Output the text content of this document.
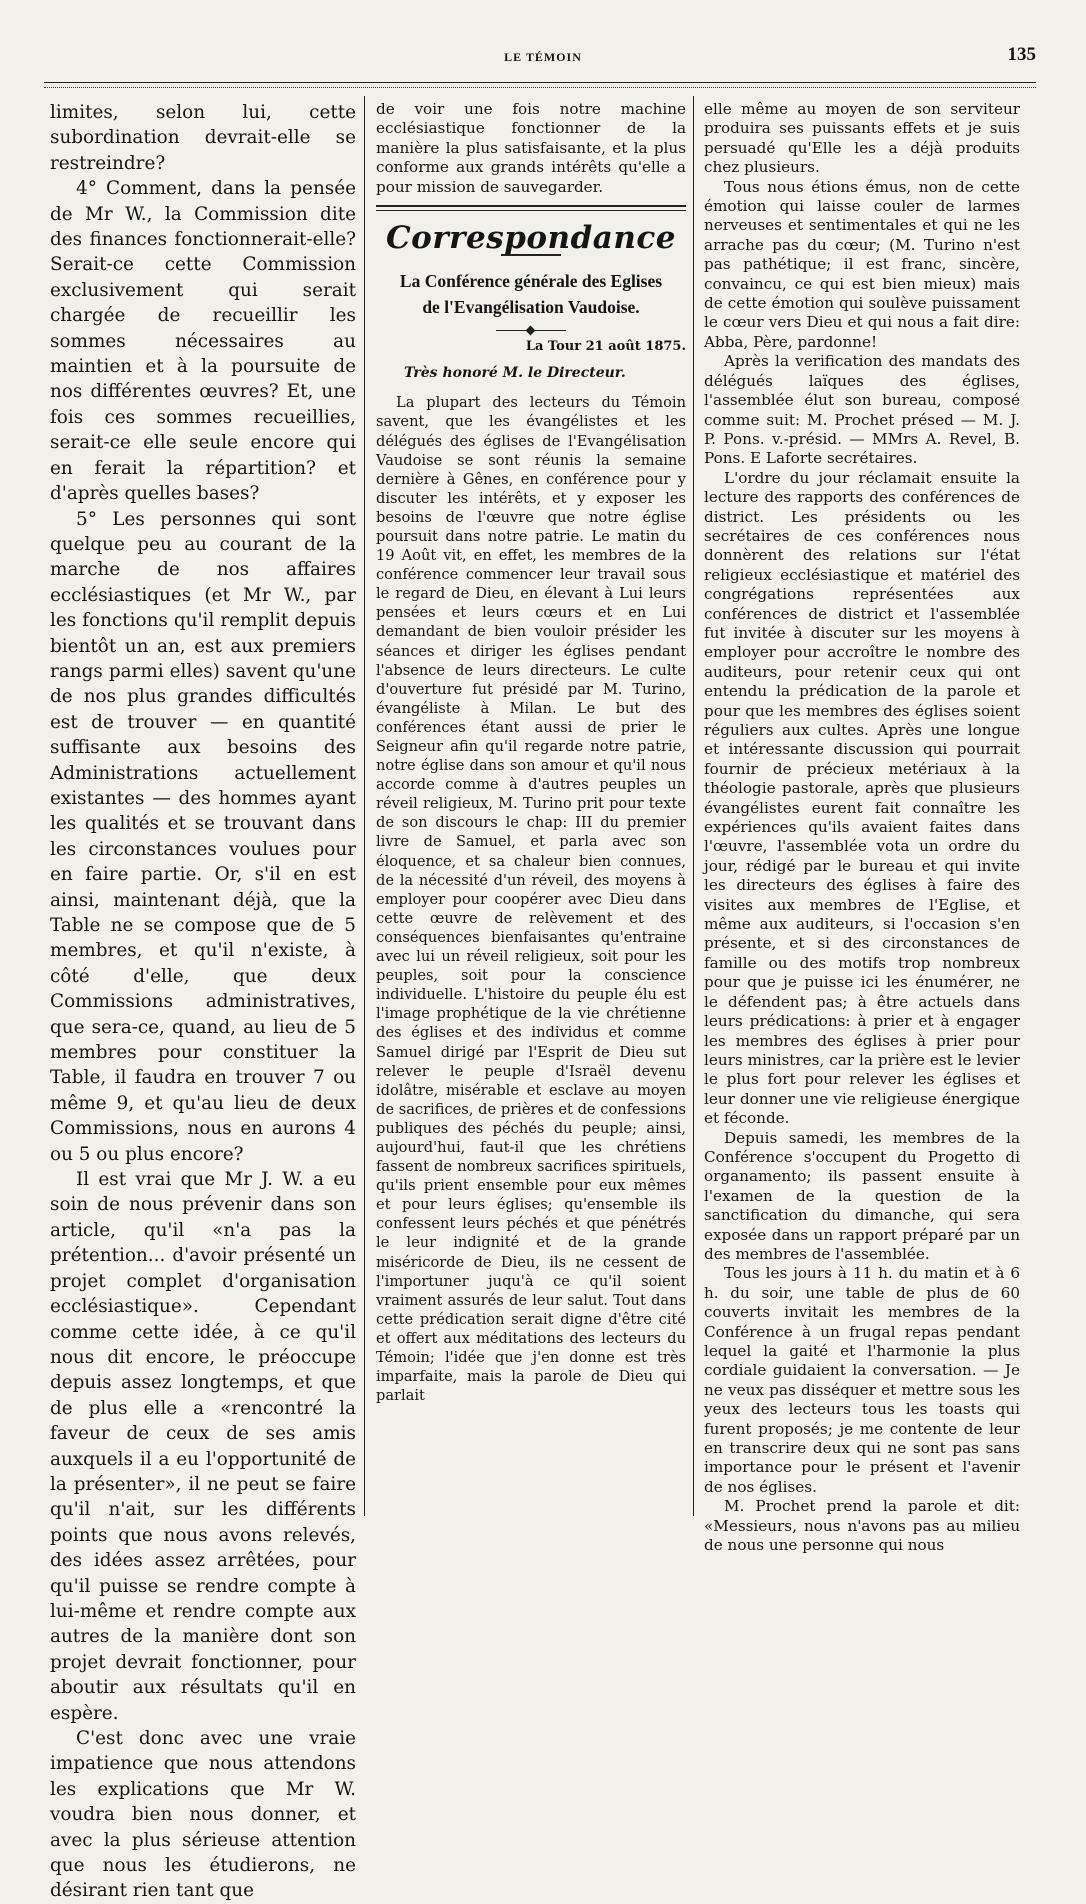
LE TÉMOIN	135

limites, selon lui, cette subordination devrait-elle se restreindre?

4° Comment, dans la pensée de Mr W., la Commission dite des finances fonctionnerait-elle? Serait-ce cette Commission exclusivement qui serait chargée de recueillir les sommes nécessaires au maintien et à la poursuite de nos différentes œuvres? Et, une fois ces sommes recueillies, serait-ce elle seule encore qui en ferait la répartition? et d'après quelles bases?

5° Les personnes qui sont quelque peu au courant de la marche de nos affaires ecclésiastiques (et Mr W., par les fonctions qu'il remplit depuis bientôt un an, est aux premiers rangs parmi elles) savent qu'une de nos plus grandes difficultés est de trouver — en quantité suffisante aux besoins des Administrations actuellement existantes — des hommes ayant les qualités et se trouvant dans les circonstances voulues pour en faire partie. Or, s'il en est ainsi, maintenant déjà, que la Table ne se compose que de 5 membres, et qu'il n'existe, à côté d'elle, que deux Commissions administratives, que sera-ce, quand, au lieu de 5 membres pour constituer la Table, il faudra en trouver 7 ou même 9, et qu'au lieu de deux Commissions, nous en aurons 4 ou 5 ou plus encore?

Il est vrai que Mr J. W. a eu soin de nous prévenir dans son article, qu'il «n'a pas la prétention... d'avoir présenté un projet complet d'organisation ecclésiastique». Cependant comme cette idée, à ce qu'il nous dit encore, le préoccupe depuis assez longtemps, et que de plus elle a «rencontré la faveur de ceux de ses amis auxquels il a eu l'opportunité de la présenter», il ne peut se faire qu'il n'ait, sur les différents points que nous avons relevés, des idées assez arrêtées, pour qu'il puisse se rendre compte à lui-même et rendre compte aux autres de la manière dont son projet devrait fonctionner, pour aboutir aux résultats qu'il en espère.

C'est donc avec une vraie impatience que nous attendons les explications que Mr W. voudra bien nous donner, et avec la plus sérieuse attention que nous les étudierons, ne désirant rien tant que

de voir une fois notre machine ecclésiastique fonctionner de la manière la plus satisfaisante, et la plus conforme aux grands intérêts qu'elle a pour mission de sauvegarder.

Correspondance
La Conférence générale des Eglises
de l'Evangélisation Vaudoise.
La Tour 21 août 1875.
Très honoré M. le Directeur.

La plupart des lecteurs du Témoin savent, que les évangélistes et les délégués des églises de l'Evangélisation Vaudoise se sont réunis la semaine dernière à Gênes, en conférence pour y discuter les intérêts, et y exposer les besoins de l'œuvre que notre église poursuit dans notre patrie. Le matin du 19 Août vit, en effet, les membres de la conférence commencer leur travail sous le regard de Dieu, en élevant à Lui leurs pensées et leurs cœurs et en Lui demandant de bien vouloir présider les séances et diriger les églises pendant l'absence de leurs directeurs. Le culte d'ouverture fut présidé par M. Turino, évangéliste à Milan. Le but des conférences étant aussi de prier le Seigneur afin qu'il regarde notre patrie, notre église dans son amour et qu'il nous accorde comme à d'autres peuples un réveil religieux, M. Turino prit pour texte de son discours le chap: III du premier livre de Samuel, et parla avec son éloquence, et sa chaleur bien connues, de la nécessité d'un réveil, des moyens à employer pour coopérer avec Dieu dans cette œuvre de relèvement et des conséquences bienfaisantes qu'entraine avec lui un réveil religieux, soit pour les peuples, soit pour la conscience individuelle. L'histoire du peuple élu est l'image prophétique de la vie chrétienne des églises et des individus et comme Samuel dirigé par l'Esprit de Dieu sut relever le peuple d'Israël devenu idolâtre, misérable et esclave au moyen de sacrifices, de prières et de confessions publiques des péchés du peuple; ainsi, aujourd'hui, faut-il que les chrétiens fassent de nombreux sacrifices spirituels, qu'ils prient ensemble pour eux mêmes et pour leurs églises; qu'ensemble ils confessent leurs péchés et que pénétrés le leur indignité et de la grande miséricorde de Dieu, ils ne cessent de l'importuner juqu'à ce qu'il soient vraiment assurés de leur salut. Tout dans cette prédication serait digne d'être cité et offert aux méditations des lecteurs du Témoin; l'idée que j'en donne est très imparfaite, mais la parole de Dieu qui parlait

elle même au moyen de son serviteur produira ses puissants effets et je suis persuadé qu'Elle les a déjà produits chez plusieurs.

Tous nous étions émus, non de cette émotion qui laisse couler de larmes nerveuses et sentimentales et qui ne les arrache pas du cœur; (M. Turino n'est pas pathétique; il est franc, sincère, convaincu, ce qui est bien mieux) mais de cette émotion qui soulève puissament le cœur vers Dieu et qui nous a fait dire: Abba, Père, pardonne!

Après la verification des mandats des délégués laïques des églises, l'assemblée élut son bureau, composé comme suit: M. Prochet présed — M. J. P. Pons. v.-présid. — MMrs A. Revel, B. Pons. E Laforte secrétaires.

L'ordre du jour réclamait ensuite la lecture des rapports des conférences de district. Les présidents ou les secrétaires de ces conférences nous donnèrent des relations sur l'état religieux ecclésiastique et matériel des congrégations représentées aux conférences de district et l'assemblée fut invitée à discuter sur les moyens à employer pour accroître le nombre des auditeurs, pour retenir ceux qui ont entendu la prédication de la parole et pour que les membres des églises soient réguliers aux cultes. Après une longue et intéressante discussion qui pourrait fournir de précieux metériaux à la théologie pastorale, après que plusieurs évangélistes eurent fait connaître les expériences qu'ils avaient faites dans l'œuvre, l'assemblée vota un ordre du jour, rédigé par le bureau et qui invite les directeurs des églises à faire des visites aux membres de l'Eglise, et même aux auditeurs, si l'occasion s'en présente, et si des circonstances de famille ou des motifs trop nombreux pour que je puisse ici les énumérer, ne le défendent pas; à être actuels dans leurs prédications: à prier et à engager les membres des églises à prier pour leurs ministres, car la prière est le levier le plus fort pour relever les églises et leur donner une vie religieuse énergique et féconde.

Depuis samedi, les membres de la Conférence s'occupent du Progetto di organamento; ils passent ensuite à l'examen de la question de la sanctification du dimanche, qui sera exposée dans un rapport préparé par un des membres de l'assemblée.

Tous les jours à 11 h. du matin et à 6 h. du soir, une table de plus de 60 couverts invitait les membres de la Conférence à un frugal repas pendant lequel la gaité et l'harmonie la plus cordiale guidaient la conversation. — Je ne veux pas disséquer et mettre sous les yeux des lecteurs tous les toasts qui furent proposés; je me contente de leur en transcrire deux qui ne sont pas sans importance pour le présent et l'avenir de nos églises.

M. Prochet prend la parole et dit: «Messieurs, nous n'avons pas au milieu de nous une personne qui nous
